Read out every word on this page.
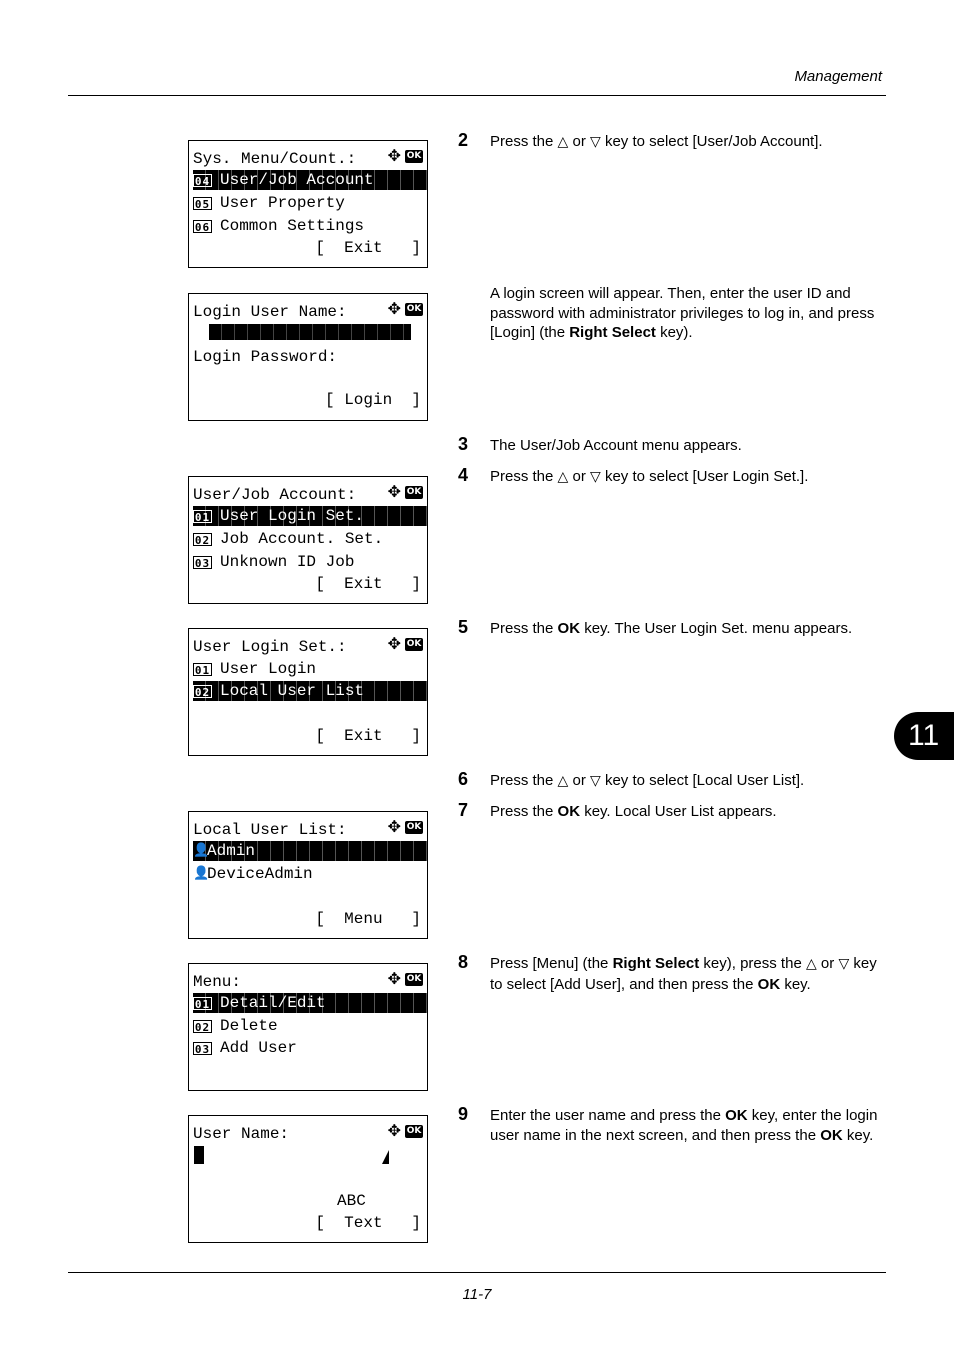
Management
Sys. Menu/Count.:	✥ OK
04 User/Job Account
05 User Property
06 Common Settings
[  Exit   ]
Login User Name:	✥ OK
Login Password:
[ Login  ]
User/Job Account:	✥ OK
01 User Login Set.
02 Job Account. Set.
03 Unknown ID Job
[  Exit   ]
User Login Set.:	✥ OK
01 User Login
02 Local User List
[  Exit   ]
Local User List:	✥ OK
👤Admin
👤DeviceAdmin
[  Menu   ]
Menu:	✥ OK
01 Detail/Edit
02 Delete
03 Add User
User Name:	✥ OK
ABC
[  Text   ]
2 Press the △ or ▽ key to select [User/Job Account].
A login screen will appear. Then, enter the user ID and password with administrator privileges to log in, and press [Login] (the Right Select key).
3 The User/Job Account menu appears.
4 Press the △ or ▽ key to select [User Login Set.].
5 Press the OK key. The User Login Set. menu appears.
6 Press the △ or ▽ key to select [Local User List].
7 Press the OK key. Local User List appears.
8 Press [Menu] (the Right Select key), press the △ or ▽ key to select [Add User], and then press the OK key.
9 Enter the user name and press the OK key, enter the login user name in the next screen, and then press the OK key.
11
11-7
